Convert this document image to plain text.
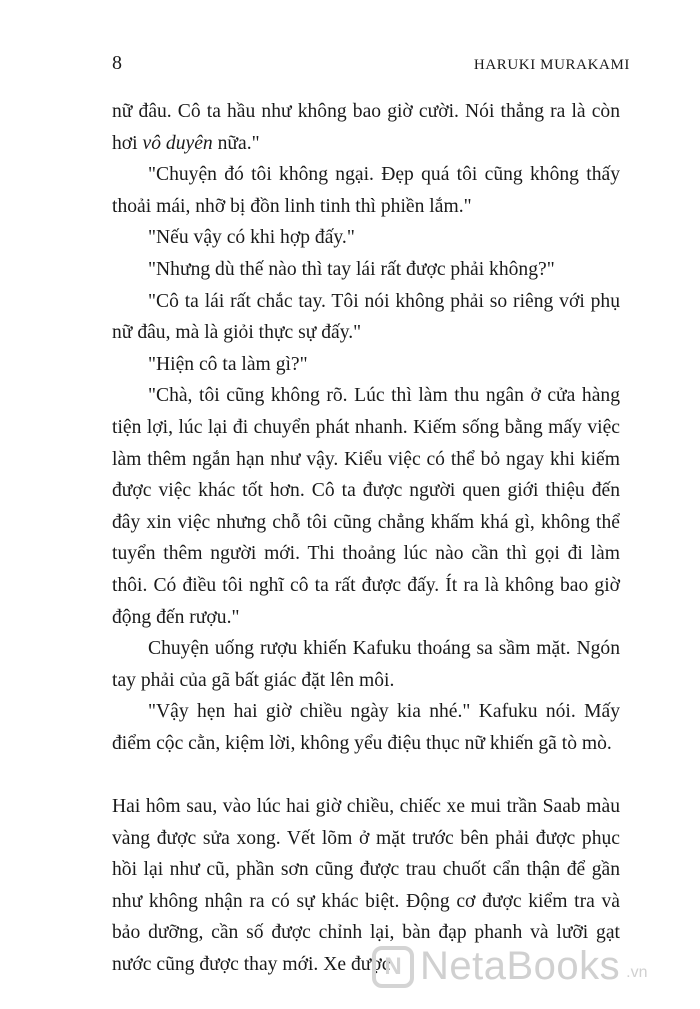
8	HARUKI MURAKAMI

nữ đâu. Cô ta hầu như không bao giờ cười. Nói thẳng ra là còn hơi vô duyên nữa."

"Chuyện đó tôi không ngại. Đẹp quá tôi cũng không thấy thoải mái, nhỡ bị đồn linh tinh thì phiền lắm."

"Nếu vậy có khi hợp đấy."

"Nhưng dù thế nào thì tay lái rất được phải không?"

"Cô ta lái rất chắc tay. Tôi nói không phải so riêng với phụ nữ đâu, mà là giỏi thực sự đấy."

"Hiện cô ta làm gì?"

"Chà, tôi cũng không rõ. Lúc thì làm thu ngân ở cửa hàng tiện lợi, lúc lại đi chuyển phát nhanh. Kiếm sống bằng mấy việc làm thêm ngắn hạn như vậy. Kiểu việc có thể bỏ ngay khi kiếm được việc khác tốt hơn. Cô ta được người quen giới thiệu đến đây xin việc nhưng chỗ tôi cũng chẳng khấm khá gì, không thể tuyển thêm người mới. Thi thoảng lúc nào cần thì gọi đi làm thôi. Có điều tôi nghĩ cô ta rất được đấy. Ít ra là không bao giờ động đến rượu."

Chuyện uống rượu khiến Kafuku thoáng sa sầm mặt. Ngón tay phải của gã bất giác đặt lên môi.

"Vậy hẹn hai giờ chiều ngày kia nhé." Kafuku nói. Mấy điểm cộc cằn, kiệm lời, không yểu điệu thục nữ khiến gã tò mò.

Hai hôm sau, vào lúc hai giờ chiều, chiếc xe mui trần Saab màu vàng được sửa xong. Vết lõm ở mặt trước bên phải được phục hồi lại như cũ, phần sơn cũng được trau chuốt cẩn thận để gần như không nhận ra có sự khác biệt. Động cơ được kiểm tra và bảo dưỡng, cần số được chỉnh lại, bàn đạp phanh và lưỡi gạt nước cũng được thay mới. Xe được

N NetaBooks .vn
